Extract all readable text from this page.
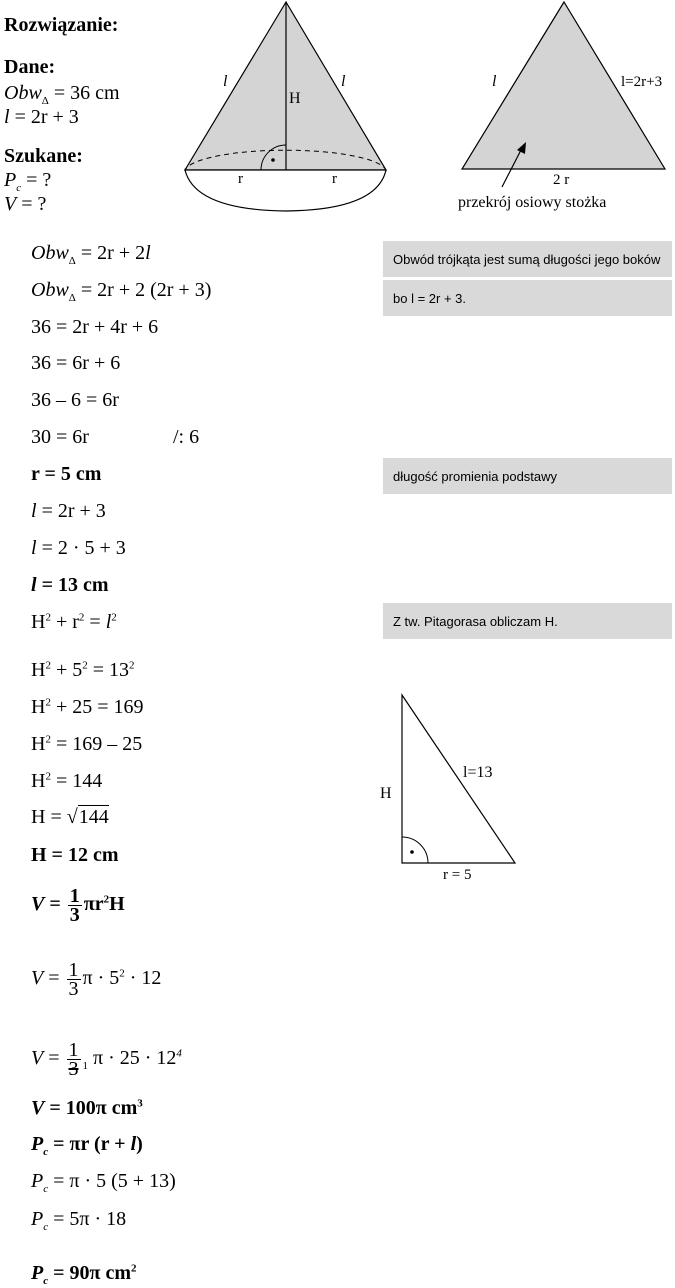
Rozwiązanie:
Dane:
Obw$_\Delta$ = 36 cm
l = 2r + 3
Szukane:
$P_c$ = ?
V = ?
l	l
H
r	r
l	l=2r+3
2 r
przekrój osiowy stożka
Obwód trójkąta jest sumą długości jego boków
bo l = 2r + 3.
długość promienia podstawy
Z tw. Pitagorasa obliczam H.
l=13
H
r = 5
Obw$_\Delta$ = 2r + 2l
Obw$_\Delta$ = 2r + 2 (2r + 3)
36 = 2r + 4r + 6
36 = 6r + 6
36 – 6 = 6r
30 = 6r	/: 6
r = 5 cm
l = 2r + 3
l = 2 · 5 + 3
l = 13 cm
$H^2 + r^2 = l^2$
$H^2 + 5^2 = 13^2$
$H^2 + 25 = 169$
$H^2 = 169 - 25$
$H^2 = 144$
H = √144
H = 12 cm
$V = \frac{1}{3} \pi r^2H$
$V = \frac{1}{3}$ $\pi \cdot 5^2 \cdot 12$
$V = \frac{1}{3} _1$ $\pi \cdot 25 \cdot 12^4$
V = 100π $cm^3$
$P_c = \pi r$ (r + l)
$P_c = \pi \cdot 5$ (5 + 13)
$P_c = 5\pi \cdot 18$
$P_c = 90\pi$ $cm^2$
